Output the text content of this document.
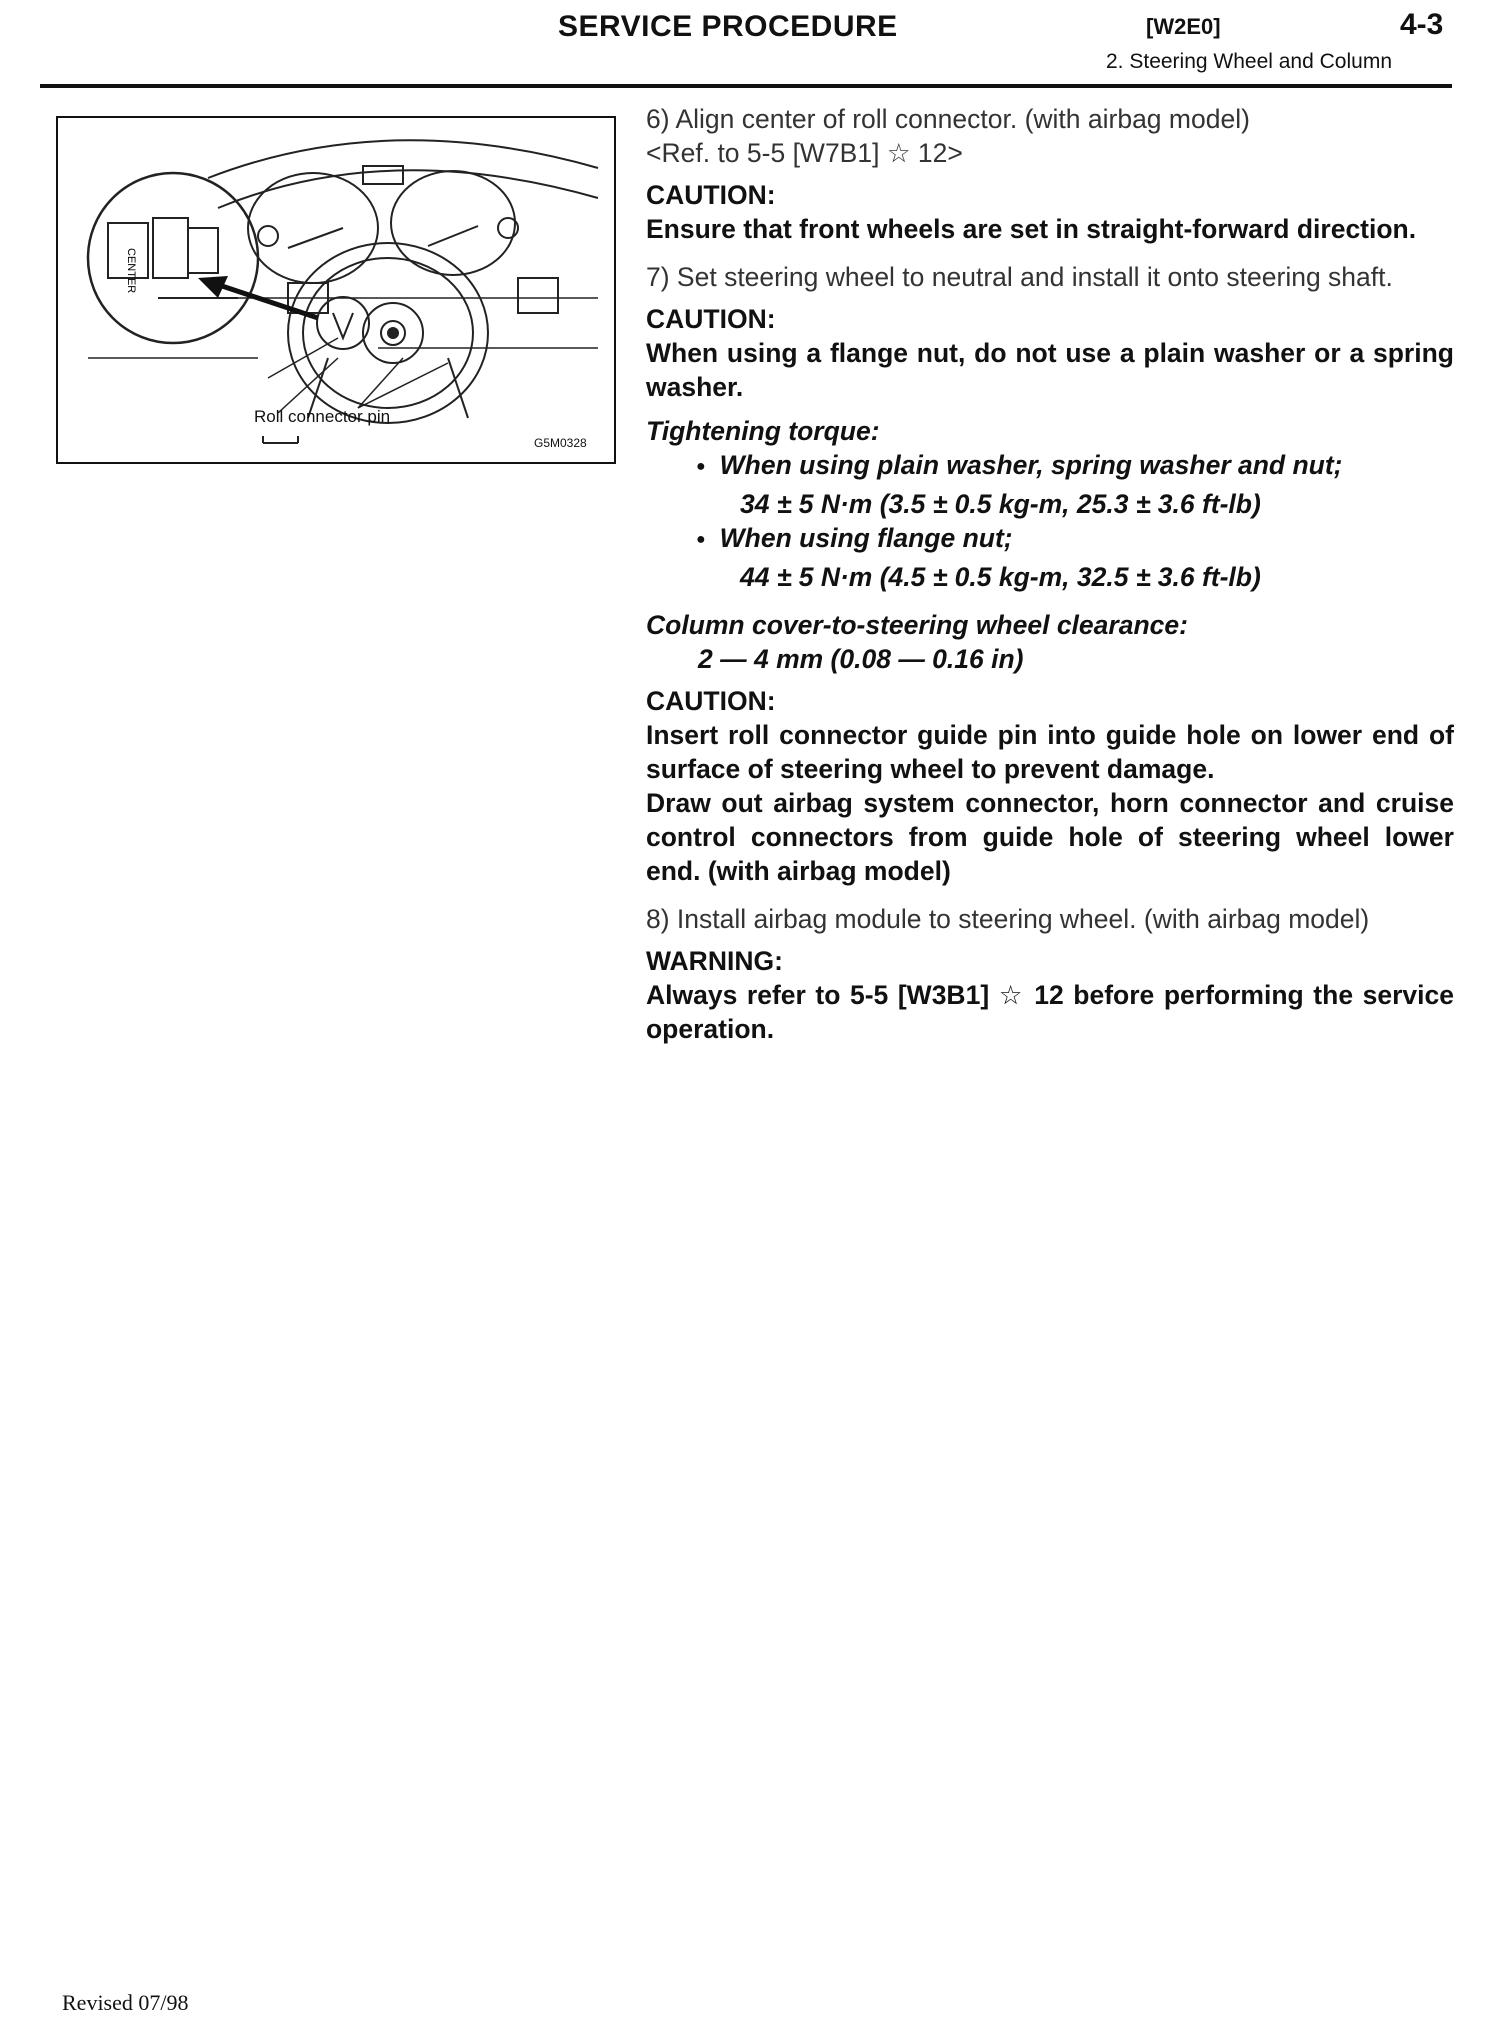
SERVICE PROCEDURE	[W2E0]	4-3
2. Steering Wheel and Column
CENTER
Roll connector pin
G5M0328

6) Align center of roll connector. (with airbag model)

<Ref. to 5-5 [W7B1] ☆ 12>

CAUTION:

Ensure that front wheels are set in straight-forward direction.

7) Set steering wheel to neutral and install it onto steering shaft.

CAUTION:

When using a flange nut, do not use a plain washer or a spring washer.

Tightening torque:

● When using plain washer, spring washer and nut;

34 ± 5 N·m (3.5 ± 0.5 kg-m, 25.3 ± 3.6 ft-lb)

● When using flange nut;

44 ± 5 N·m (4.5 ± 0.5 kg-m, 32.5 ± 3.6 ft-lb)

Column cover-to-steering wheel clearance:

2 — 4 mm (0.08 — 0.16 in)

CAUTION:

Insert roll connector guide pin into guide hole on lower end of surface of steering wheel to prevent damage.

Draw out airbag system connector, horn connector and cruise control connectors from guide hole of steering wheel lower end. (with airbag model)

8) Install airbag module to steering wheel. (with airbag model)

WARNING:

Always refer to 5-5 [W3B1] ☆ 12 before performing the service operation.

Revised 07/98
